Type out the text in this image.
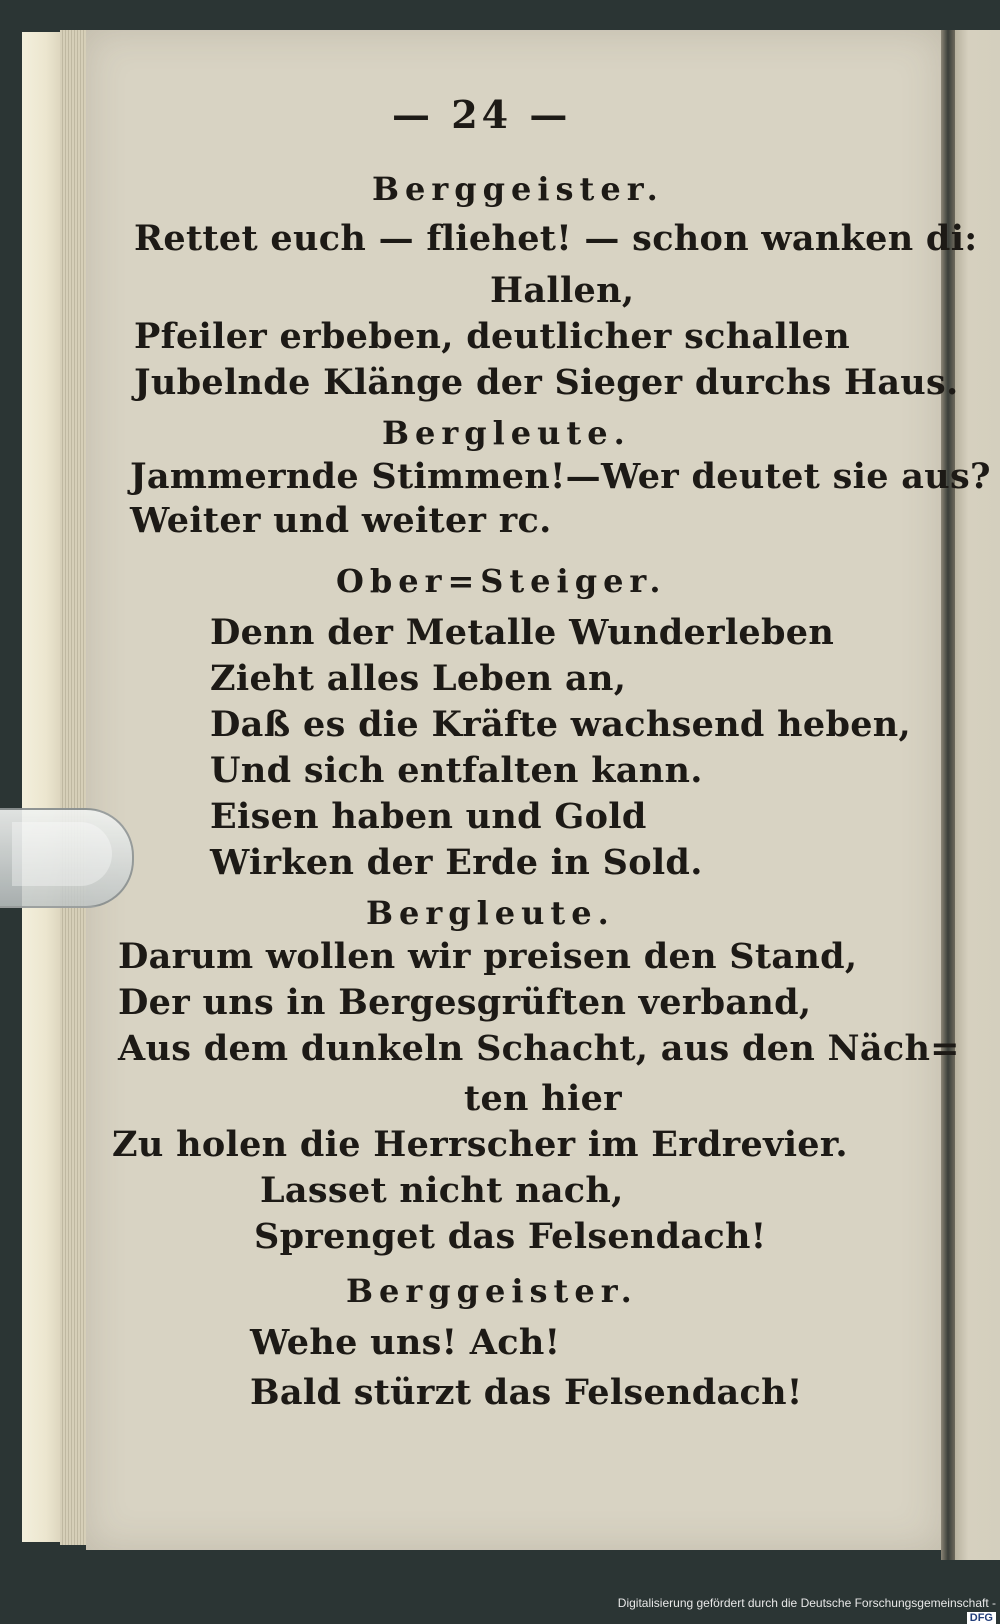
— 24 —
Berggeister.
Rettet euch — fliehet! — schon wanken di:
Hallen,
Pfeiler erbeben, deutlicher schallen
Jubelnde Klänge der Sieger durchs Haus.
Bergleute.
Jammernde Stimmen!—Wer deutet sie aus?
Weiter und weiter rc.
Ober=Steiger.
Denn der Metalle Wunderleben
Zieht alles Leben an,
Daß es die Kräfte wachsend heben,
Und sich entfalten kann.
Eisen haben und Gold
Wirken der Erde in Sold.
Bergleute.
Darum wollen wir preisen den Stand,
Der uns in Bergesgrüften verband,
Aus dem dunkeln Schacht, aus den Näch=
ten hier
Zu holen die Herrscher im Erdrevier.
Lasset nicht nach,
Sprenget das Felsendach!
Berggeister.
Wehe uns! Ach!
Bald stürzt das Felsendach!
Digitalisierung gefördert durch die Deutsche Forschungsgemeinschaft -DFG
